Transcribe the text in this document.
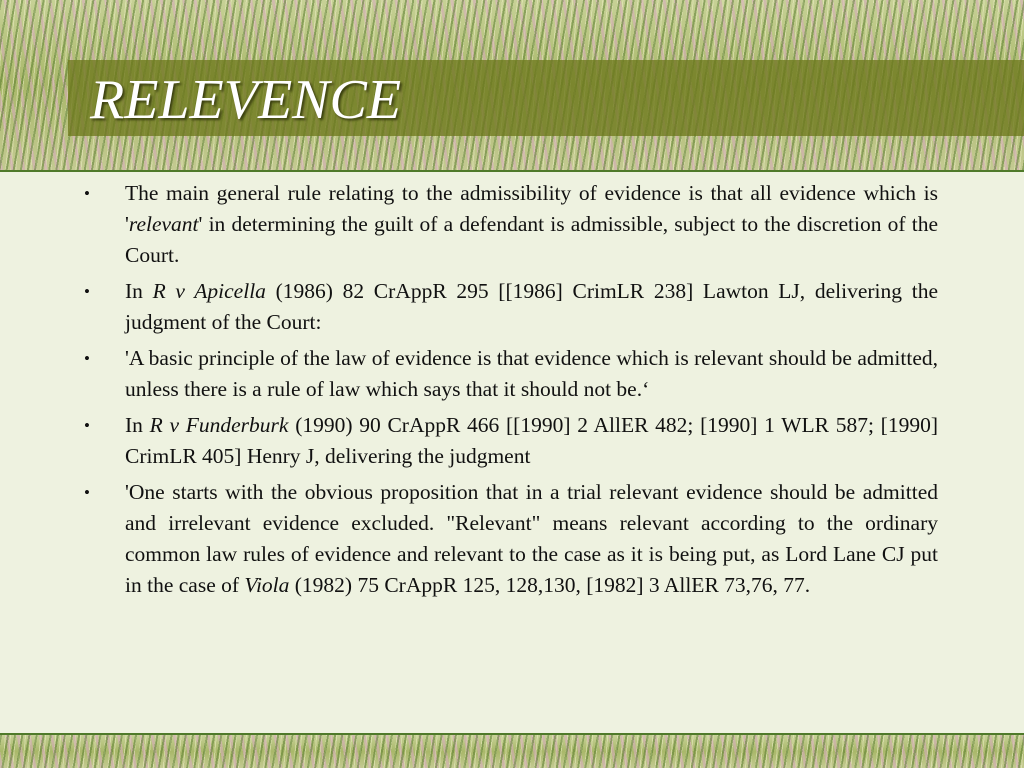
RELEVENCE
•	The main general rule relating to the admissibility of evidence is that all evidence which is 'relevant' in determining the guilt of a defendant is admissible, subject to the discretion of the Court.
•	In R v Apicella (1986) 82 CrAppR 295 [[1986] CrimLR 238] Lawton LJ, delivering the judgment of the Court:
•	'A basic principle of the law of evidence is that evidence which is relevant should be admitted, unless there is a rule of law which says that it should not be.‘
•	In R v Funderburk (1990) 90 CrAppR 466 [[1990] 2 AllER 482; [1990] 1 WLR 587; [1990] CrimLR 405] Henry J, delivering the judgment
•	'One starts with the obvious proposition that in a trial relevant evidence should be admitted and irrelevant evidence excluded. "Relevant" means relevant according to the ordinary common law rules of evidence and relevant to the case as it is being put, as Lord Lane CJ put in the case of Viola (1982) 75 CrAppR 125, 128,130, [1982] 3 AllER 73,76, 77.
